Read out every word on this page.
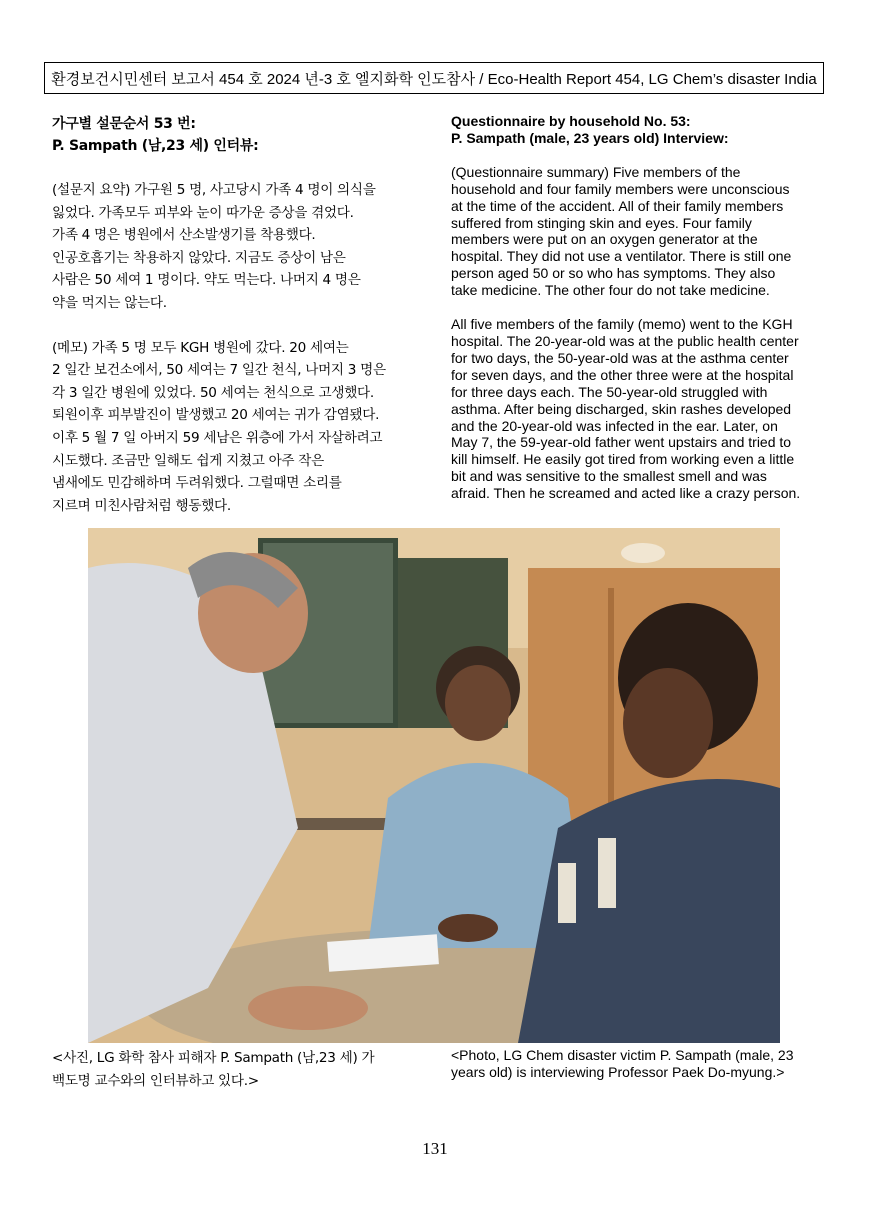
환경보건시민센터 보고서 454 호 2024 년-3 호 엘지화학 인도참사 / Eco-Health Report 454, LG Chem’s disaster India
가구별 설문순서 53 번:
P. Sampath (남,23 세) 인터뷰:

(설문지 요약) 가구원 5 명, 사고당시 가족 4 명이 의식을
잃었다. 가족모두 피부와 눈이 따가운 증상을 겪었다.
가족 4 명은 병원에서 산소발생기를 착용했다.
인공호흡기는 착용하지 않았다. 지금도 증상이 남은
사람은 50 세여 1 명이다. 약도 먹는다. 나머지 4 명은
약을 먹지는 않는다.

(메모) 가족 5 명 모두 KGH 병원에 갔다. 20 세여는
2 일간 보건소에서, 50 세여는 7 일간 천식, 나머지 3 명은
각 3 일간 병원에 있었다. 50 세여는 천식으로 고생했다.
퇴원이후 피부발진이 발생했고 20 세여는 귀가 감염됐다.
이후 5 월 7 일 아버지 59 세남은 위층에 가서 자살하려고
시도했다. 조금만 일해도 쉽게 지쳤고 아주 작은
냄새에도 민감해하며 두려워했다. 그럴때면 소리를
지르며 미친사람처럼 행동했다.

Questionnaire by household No. 53:
P. Sampath (male, 23 years old) Interview:

(Questionnaire summary) Five members of the
household and four family members were unconscious
at the time of the accident. All of their family members
suffered from stinging skin and eyes. Four family
members were put on an oxygen generator at the
hospital. They did not use a ventilator. There is still one
person aged 50 or so who has symptoms. They also
take medicine. The other four do not take medicine.

All five members of the family (memo) went to the KGH
hospital. The 20-year-old was at the public health center
for two days, the 50-year-old was at the asthma center
for seven days, and the other three were at the hospital
for three days each. The 50-year-old struggled with
asthma. After being discharged, skin rashes developed
and the 20-year-old was infected in the ear. Later, on
May 7, the 59-year-old father went upstairs and tried to
kill himself. He easily got tired from working even a little
bit and was sensitive to the smallest smell and was
afraid. Then he screamed and acted like a crazy person.

<사진, LG 화학 참사 피해자 P. Sampath (남,23 세) 가
백도명 교수와의 인터뷰하고 있다.>
<Photo, LG Chem disaster victim P. Sampath (male, 23 years old) is interviewing Professor Paek Do-myung.>
131
